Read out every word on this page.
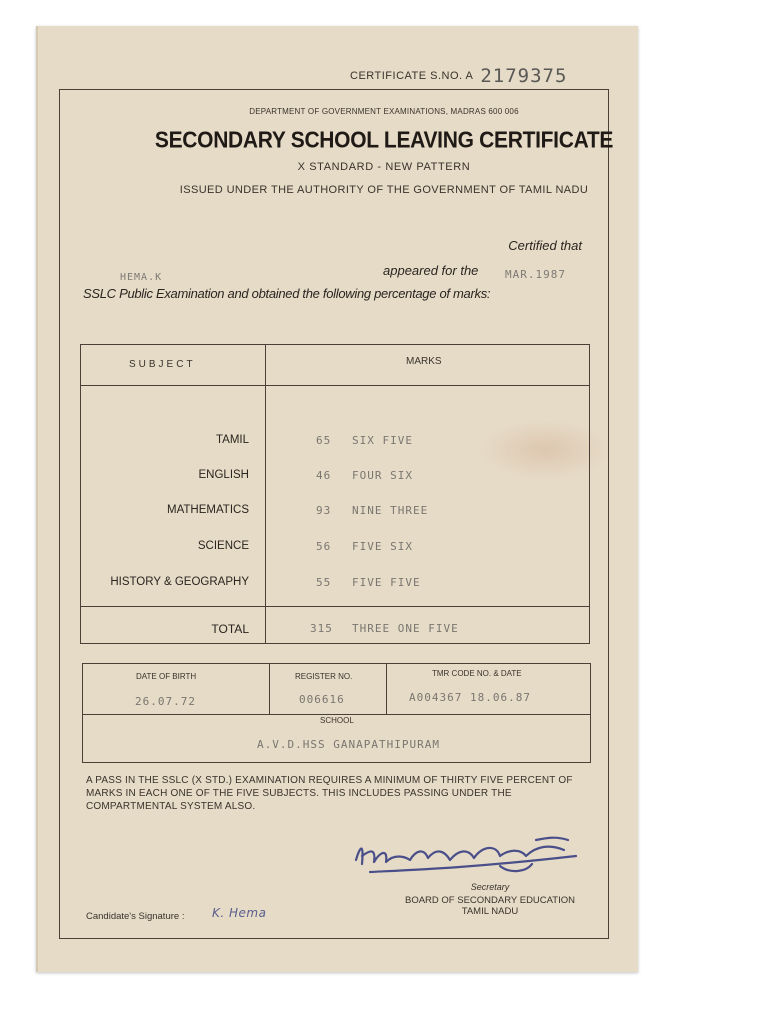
CERTIFICATE S.NO. A 2179375
DEPARTMENT OF GOVERNMENT EXAMINATIONS, MADRAS 600 006
SECONDARY SCHOOL LEAVING CERTIFICATE
X STANDARD - NEW PATTERN
ISSUED UNDER THE AUTHORITY OF THE GOVERNMENT OF TAMIL NADU
Certified that
HEMA.K	appeared for the MAR.1987
SSLC Public Examination and obtained the following percentage of marks:
SUBJECT	MARKS
TAMIL	65 SIX FIVE
ENGLISH	46 FOUR SIX
MATHEMATICS	93 NINE THREE
SCIENCE	56 FIVE SIX
HISTORY & GEOGRAPHY	55 FIVE FIVE
TOTAL	315 THREE ONE FIVE
DATE OF BIRTH
26.07.72
REGISTER NO.
006616
TMR CODE NO. & DATE
A004367 18.06.87
SCHOOL
A.V.D.HSS GANAPATHIPURAM
A PASS IN THE SSLC (X STD.) EXAMINATION REQUIRES A MINIMUM OF THIRTY FIVE PERCENT OF MARKS IN EACH ONE OF THE FIVE SUBJECTS. THIS INCLUDES PASSING UNDER THE COMPARTMENTAL SYSTEM ALSO.
Secretary
BOARD OF SECONDARY EDUCATION
TAMIL NADU
Candidate's Signature : K. Hema
